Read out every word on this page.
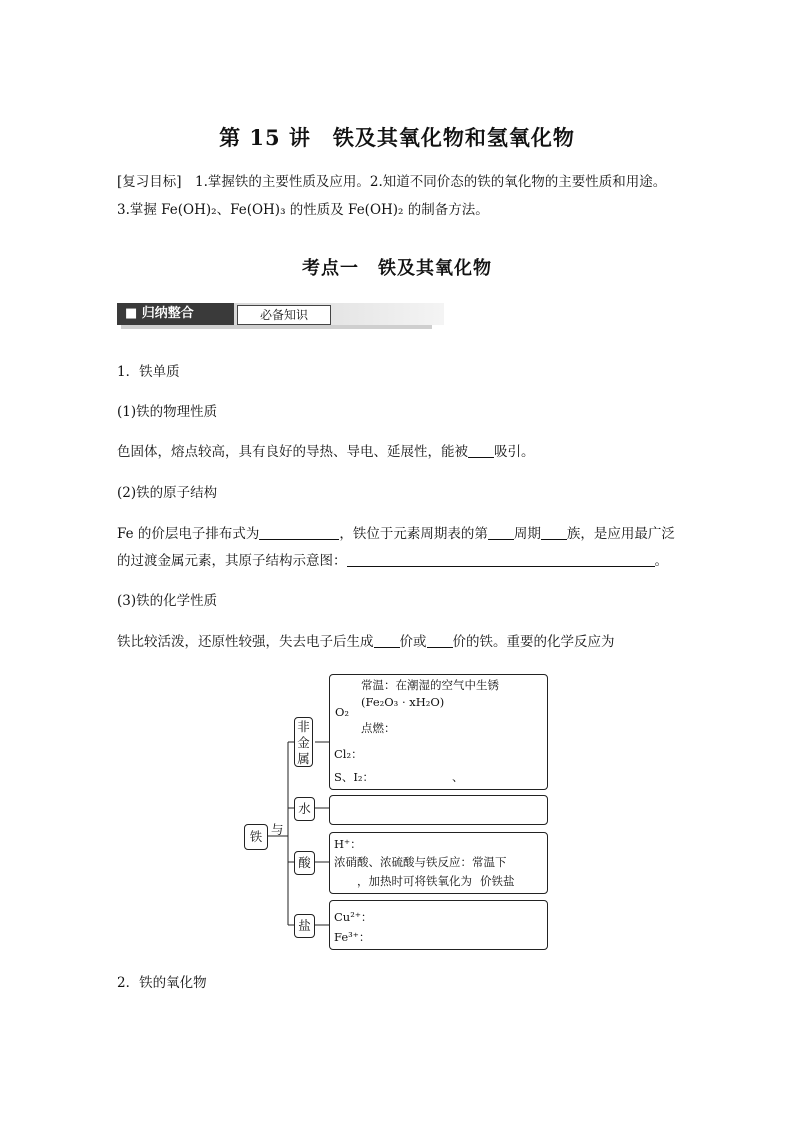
第 15 讲　铁及其氧化物和氢氧化物
[复习目标]　1.掌握铁的主要性质及应用。2.知道不同价态的铁的氧化物的主要性质和用途。
3.掌握 Fe(OH)₂、Fe(OH)₃ 的性质及 Fe(OH)₂ 的制备方法。
考点一　铁及其氧化物
■ 归纳整合	必备知识
1．铁单质
(1)铁的物理性质
色固体，熔点较高，具有良好的导热、导电、延展性，能被 吸引。
(2)铁的原子结构
Fe 的价层电子排布式为	，铁位于元素周期表的第 周期 族，是应用最广泛
的过渡金属元素，其原子结构示意图：	。
(3)铁的化学性质
铁比较活泼，还原性较强，失去电子后生成 价或 价的铁。重要的化学反应为
铁 与
非金属
水
酸
盐
O₂
常温：在潮湿的空气中生锈
(Fe₂O₃ · xH₂O)
点燃：
Cl₂：
S、I₂：	、
H⁺：
浓硝酸、浓硫酸与铁反应：常温下
，加热时可将铁氧化为 价铁盐
Cu²⁺：
Fe³⁺：
2．铁的氧化物
